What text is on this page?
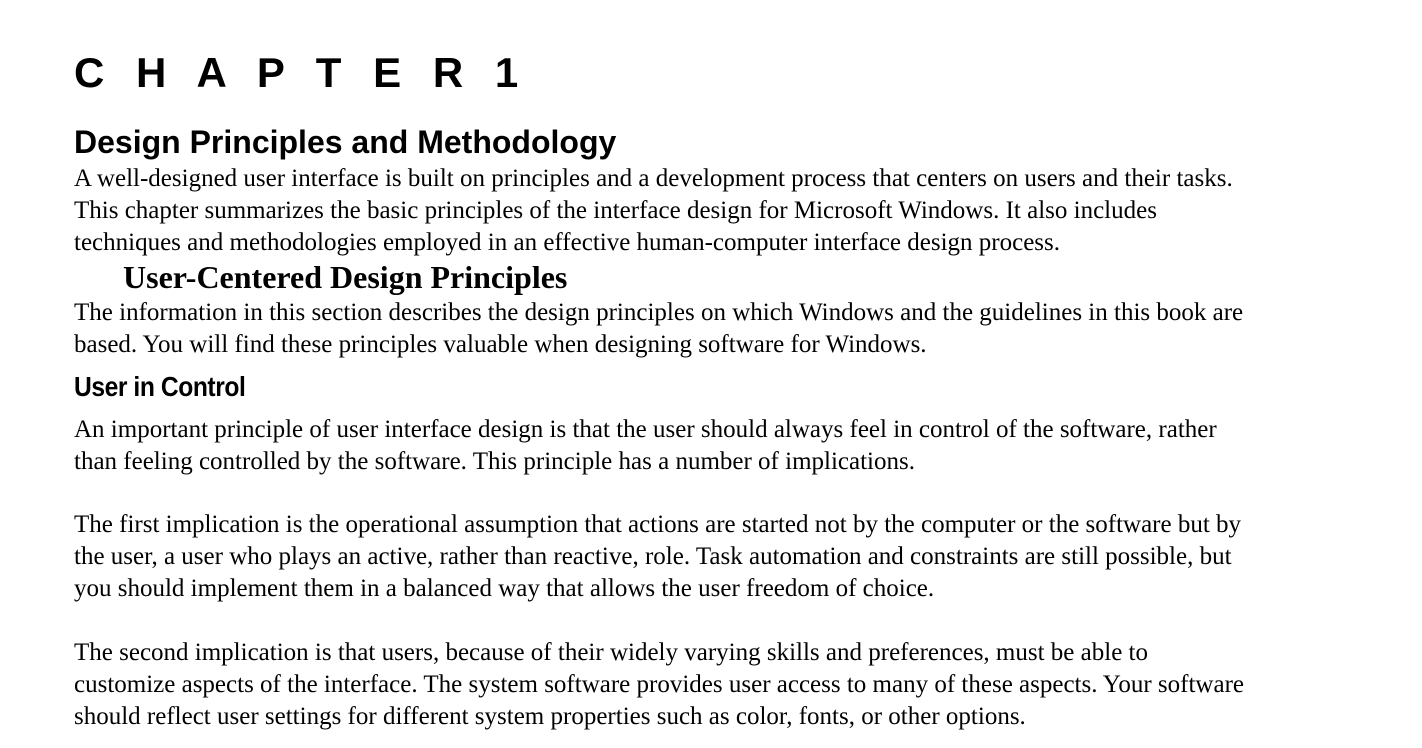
C H A P T E R 1
Design Principles and Methodology

A well-designed user interface is built on principles and a development process that centers on users and their tasks.
This chapter summarizes the basic principles of the interface design for Microsoft Windows. It also includes
techniques and methodologies employed in an effective human-computer interface design process.

User-Centered Design Principles

The information in this section describes the design principles on which Windows and the guidelines in this book are
based. You will find these principles valuable when designing software for Windows.

User in Control

An important principle of user interface design is that the user should always feel in control of the software, rather
than feeling controlled by the software. This principle has a number of implications.

The first implication is the operational assumption that actions are started not by the computer or the software but by
the user, a user who plays an active, rather than reactive, role. Task automation and constraints are still possible, but
you should implement them in a balanced way that allows the user freedom of choice.

The second implication is that users, because of their widely varying skills and preferences, must be able to
customize aspects of the interface. The system software provides user access to many of these aspects. Your software
should reflect user settings for different system properties such as color, fonts, or other options.
